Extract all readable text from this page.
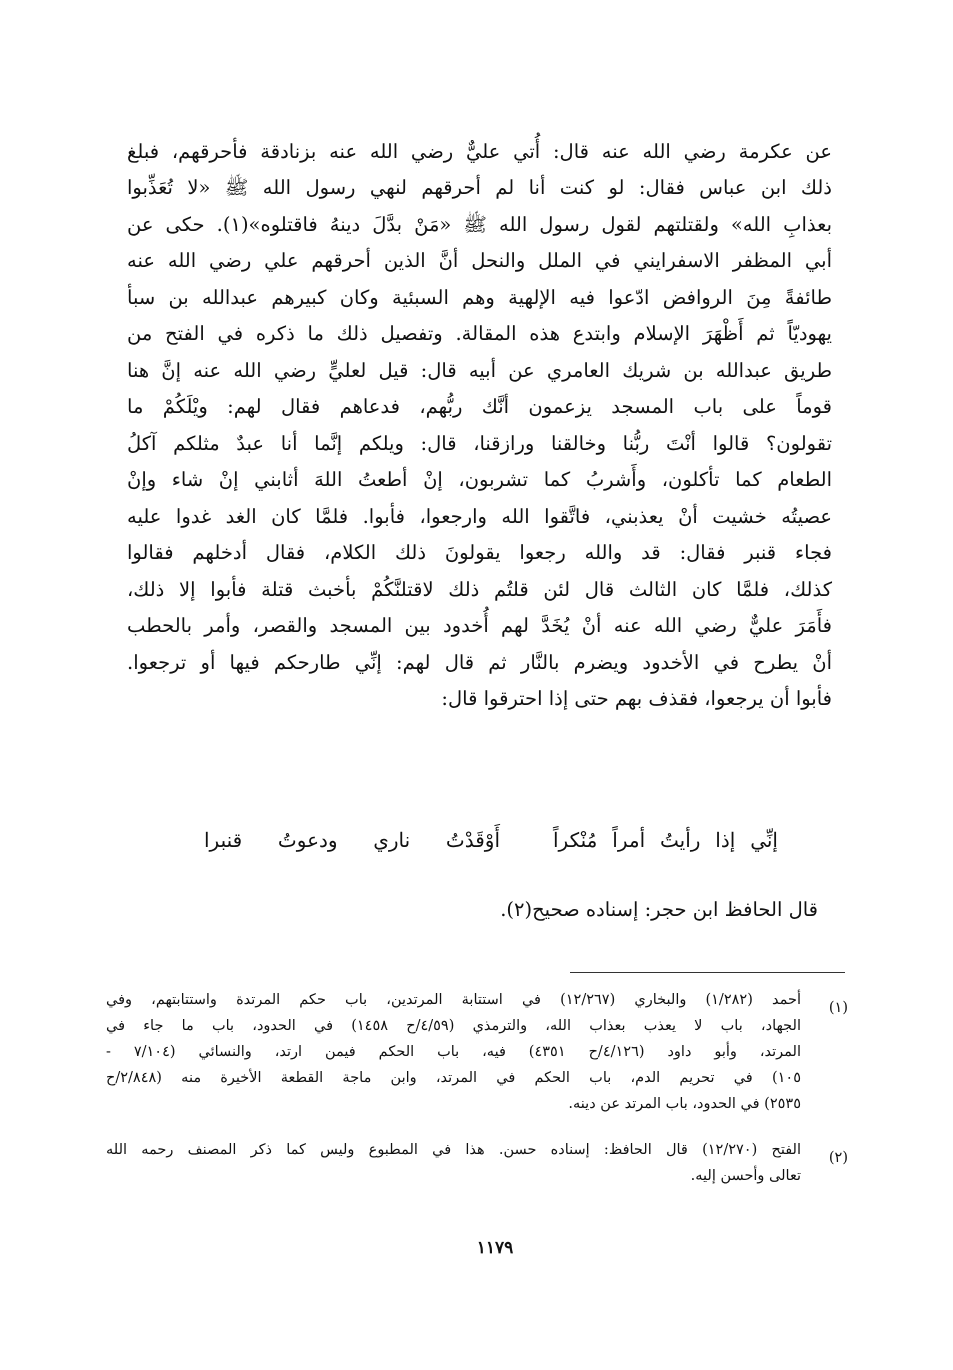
عن عكرمة رضي الله عنه قال: أُتي عليٌّ رضي الله عنه بزنادقة فأحرقهم، فبلغ
ذلك ابن عباس فقال: لو كنت أنا لم أحرقهم لنهي رسول الله ﷺ «لا تُعَذِّبوا
بعذابِ الله» ولقتلتهم لقول رسول الله ﷺ «مَنْ بدَّلَ دينهُ فاقتلوه»(١). حكى عن
أبي المظفر الاسفرايني في الملل والنحل أنَّ الذين أحرقهم علي رضي الله عنه
طائفةً مِنَ الروافض ادّعوا فيه الإلهية وهم السبئية وكان كبيرهم عبدالله بن سبأ
يهوديّاً ثم أَظْهَرَ الإسلام وابتدع هذه المقالة. وتفصيل ذلك ما ذكره في الفتح من
طريق عبدالله بن شريك العامري عن أبيه قال: قيل لعليٍّ رضي الله عنه إنَّ هنا
قوماً على باب المسجد يزعمون أنَّك ربُّهم، فدعاهم فقال لهم: ويْلَكُمْ ما
تقولون؟ قالوا أنْتَ ربُّنا وخالقنا ورازقنا، قال: ويلكم إنَّما أنا عبدٌ مثلكم آكلُ
الطعام كما تأكلون، وأَشربُ كما تشربون، إنْ أطعتُ اللهَ أثابني إنْ شاء وإنْ
عصيتُه خشيت أنْ يعذبني، فاتَّقوا الله وارجعوا، فأبوا. فلمَّا كان الغد غدوا عليه
فجاء قنبر فقال: قد والله رجعوا يقولونَ ذلك الكلام، فقال أدخلهم فقالوا
كذلك، فلمَّا كان الثالث قال لئن قلتُم ذلك لاقتلنَّكُمْ بأخبث قتلة فأبوا إلا ذلك،
فأَمَرَ عليٌّ رضي الله عنه أنْ يُخَدَّ لهم أُخدود بين المسجد والقصر، وأمر بالحطب
أنْ يطرح في الأخدود ويضرم بالنَّار ثم قال لهم: إنِّي طارحكم فيها أو ترجعوا.
فأبوا أن يرجعوا، فقذف بهم حتى إذا احترقوا قال:
إنِّي إذا رأيتُ أمراً مُنْكراً
أَوْقَدْتُ ناري ودعوتُ قنبرا
قال الحافظ ابن حجر: إسناده صحيح(٢).
(١)
أحمد (١/٢٨٢) والبخاري (١٢/٢٦٧) في استتابة المرتدين، باب حكم المرتدة واستتابتهم، وفي
الجهاد، باب لا يعذب بعذاب الله، والترمذي (٤/٥٩/ح ١٤٥٨) في الحدود، باب ما جاء في
المرتد، وأبو داود (٤/١٢٦/ح ٤٣٥١) فيه، باب الحكم فيمن ارتد، والنسائي (٧/١٠٤ -
١٠٥) في تحريم الدم، باب الحكم في المرتد، وابن ماجة القطعة الأخيرة منه (٢/٨٤٨/ح
٢٥٣٥) في الحدود، باب المرتد عن دينه.
(٢)
الفتح (١٢/٢٧٠) قال الحافظ: إسناده حسن. هذا في المطبوع وليس كما ذكر المصنف رحمه الله
تعالى وأحسن إليه.
١١٧٩
